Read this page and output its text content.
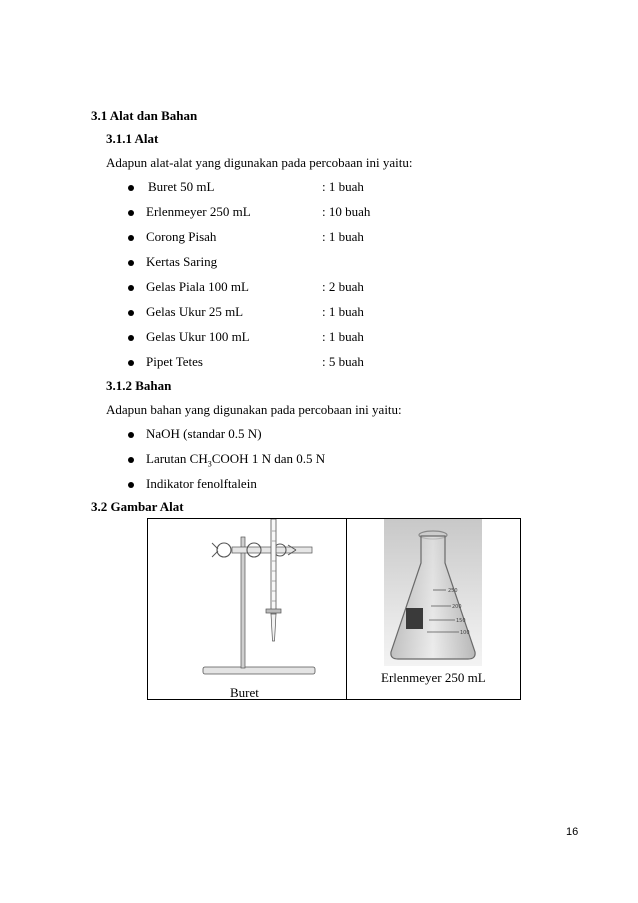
3.1 Alat dan Bahan
3.1.1 Alat
Adapun alat-alat yang digunakan pada percobaan ini yaitu:
Buret 50 mL	: 1 buah
Erlenmeyer 250 mL	: 10 buah
Corong Pisah	: 1 buah
Kertas Saring
Gelas Piala 100 mL	: 2 buah
Gelas Ukur 25 mL	: 1 buah
Gelas Ukur 100 mL	: 1 buah
Pipet Tetes	: 5 buah
3.1.2 Bahan
Adapun bahan yang digunakan pada percobaan ini yaitu:
NaOH (standar 0.5 N)
Larutan $CH_3COOH$ 1 N dan 0.5 N
Indikator fenolftalein
3.2 Gambar Alat
250
200
150
100
Buret
Erlenmeyer 250 mL
16
